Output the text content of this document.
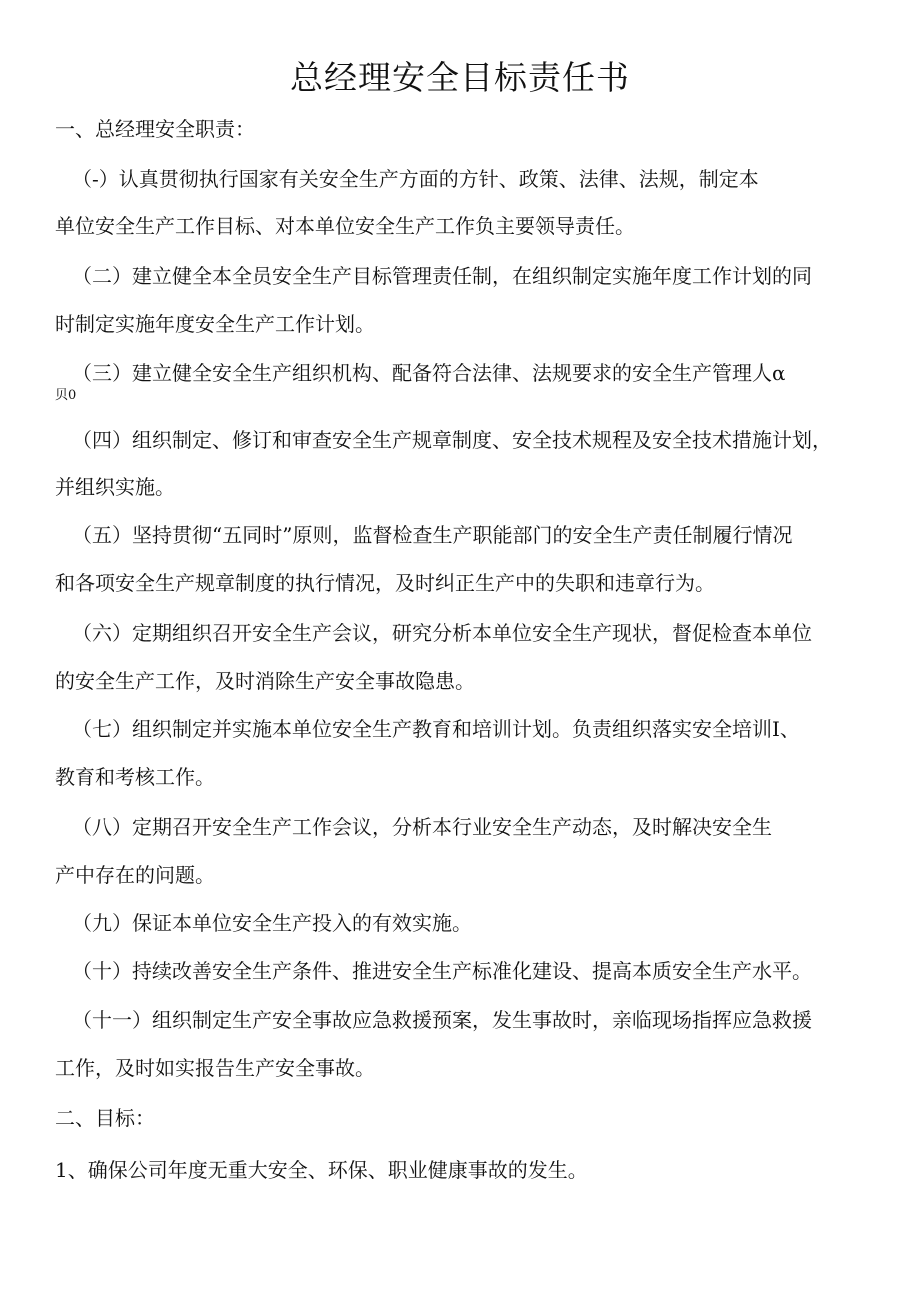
总经理安全目标责任书

一、总经理安全职责：

（-）认真贯彻执行国家有关安全生产方面的方针、政策、法律、法规，制定本

单位安全生产工作目标、对本单位安全生产工作负主要领导责任。

（二）建立健全本全员安全生产目标管理责任制，在组织制定实施年度工作计划的同

时制定实施年度安全生产工作计划。

（三）建立健全安全生产组织机构、配备符合法律、法规要求的安全生产管理人α

贝0

（四）组织制定、修订和审查安全生产规章制度、安全技术规程及安全技术措施计划，

并组织实施。

（五）坚持贯彻“五同时”原则，监督检查生产职能部门的安全生产责任制履行情况

和各项安全生产规章制度的执行情况，及时纠正生产中的失职和违章行为。

（六）定期组织召开安全生产会议，研究分析本单位安全生产现状，督促检查本单位

的安全生产工作，及时消除生产安全事故隐患。

（七）组织制定并实施本单位安全生产教育和培训计划。负责组织落实安全培训I、

教育和考核工作。

（八）定期召开安全生产工作会议，分析本行业安全生产动态，及时解决安全生

产中存在的问题。

（九）保证本单位安全生产投入的有效实施。

（十）持续改善安全生产条件、推进安全生产标准化建设、提高本质安全生产水平。

（十一）组织制定生产安全事故应急救援预案，发生事故时，亲临现场指挥应急救援

工作，及时如实报告生产安全事故。

二、目标：

1、确保公司年度无重大安全、环保、职业健康事故的发生。
